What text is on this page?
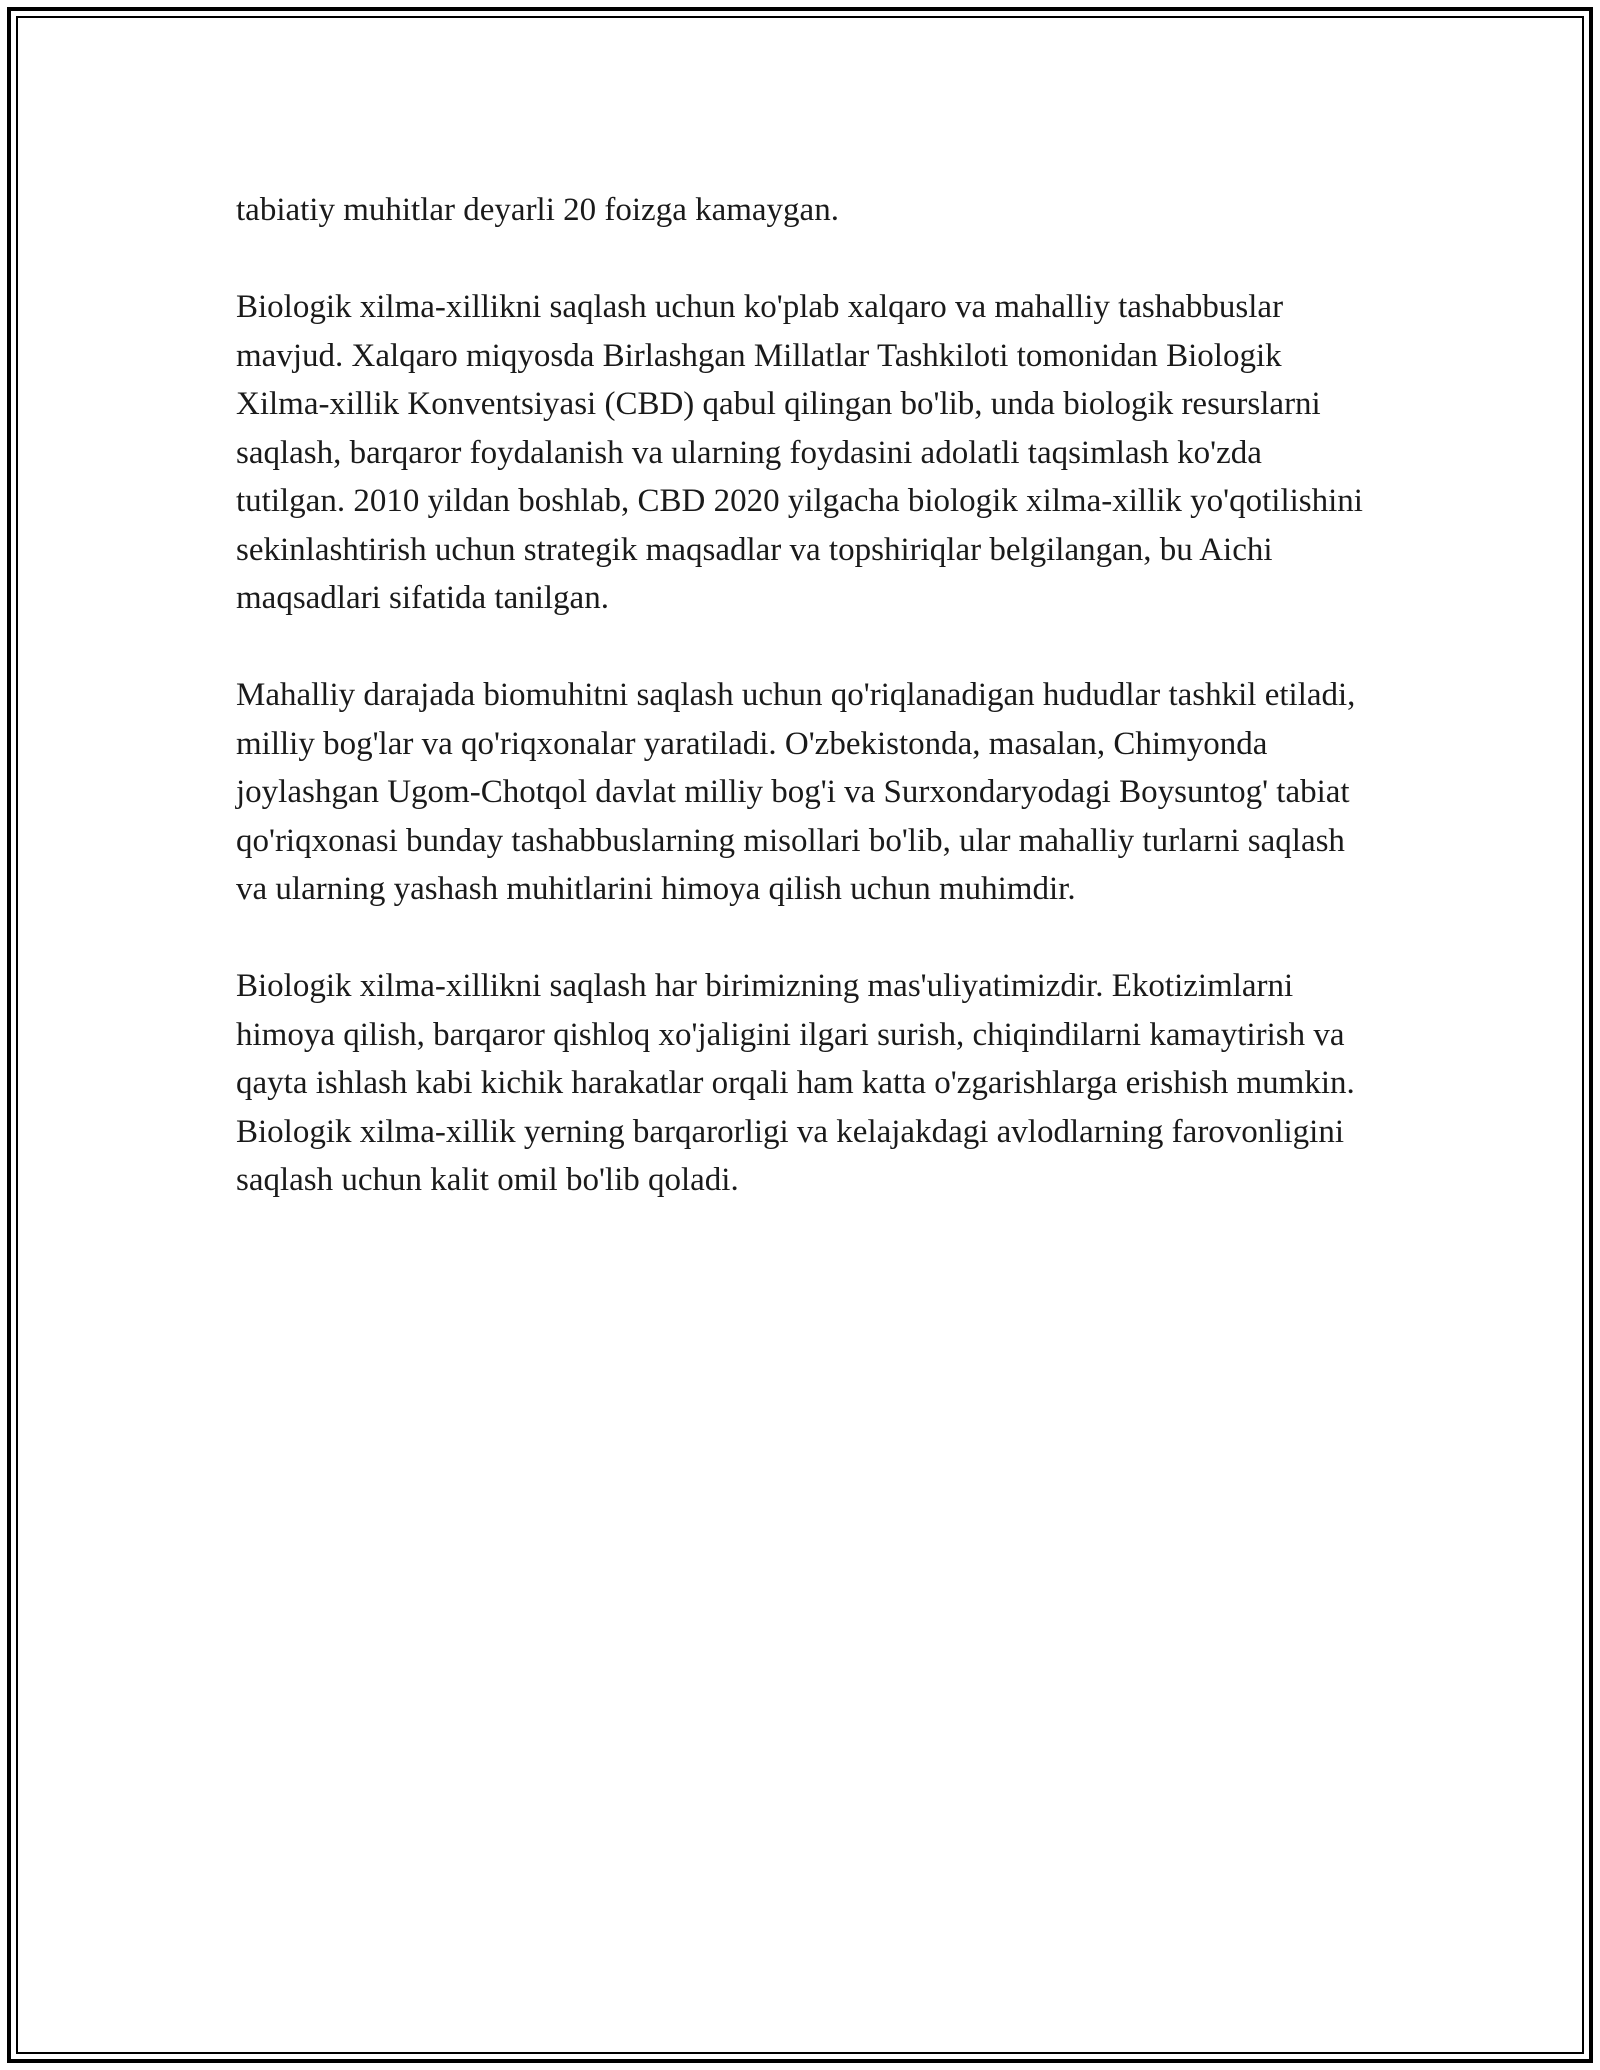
tabiatiy muhitlar deyarli 20 foizga kamaygan.

Biologik xilma-xillikni saqlash uchun ko'plab xalqaro va mahalliy tashabbuslar mavjud. Xalqaro miqyosda Birlashgan Millatlar Tashkiloti tomonidan Biologik Xilma-xillik Konventsiyasi (CBD) qabul qilingan bo'lib, unda biologik resurslarni saqlash, barqaror foydalanish va ularning foydasini adolatli taqsimlash ko'zda tutilgan. 2010 yildan boshlab, CBD 2020 yilgacha biologik xilma-xillik yo'qotilishini sekinlashtirish uchun strategik maqsadlar va topshiriqlar belgilangan, bu Aichi maqsadlari sifatida tanilgan.

Mahalliy darajada biomuhitni saqlash uchun qo'riqlanadigan hududlar tashkil etiladi, milliy bog'lar va qo'riqxonalar yaratiladi. O'zbekistonda, masalan, Chimyonda joylashgan Ugom-Chotqol davlat milliy bog'i va Surxondaryodagi Boysuntog' tabiat qo'riqxonasi bunday tashabbuslarning misollari bo'lib, ular mahalliy turlarni saqlash va ularning yashash muhitlarini himoya qilish uchun muhimdir.

Biologik xilma-xillikni saqlash har birimizning mas'uliyatimizdir. Ekotizimlarni himoya qilish, barqaror qishloq xo'jaligini ilgari surish, chiqindilarni kamaytirish va qayta ishlash kabi kichik harakatlar orqali ham katta o'zgarishlarga erishish mumkin. Biologik xilma-xillik yerning barqarorligi va kelajakdagi avlodlarning farovonligini saqlash uchun kalit omil bo'lib qoladi.
